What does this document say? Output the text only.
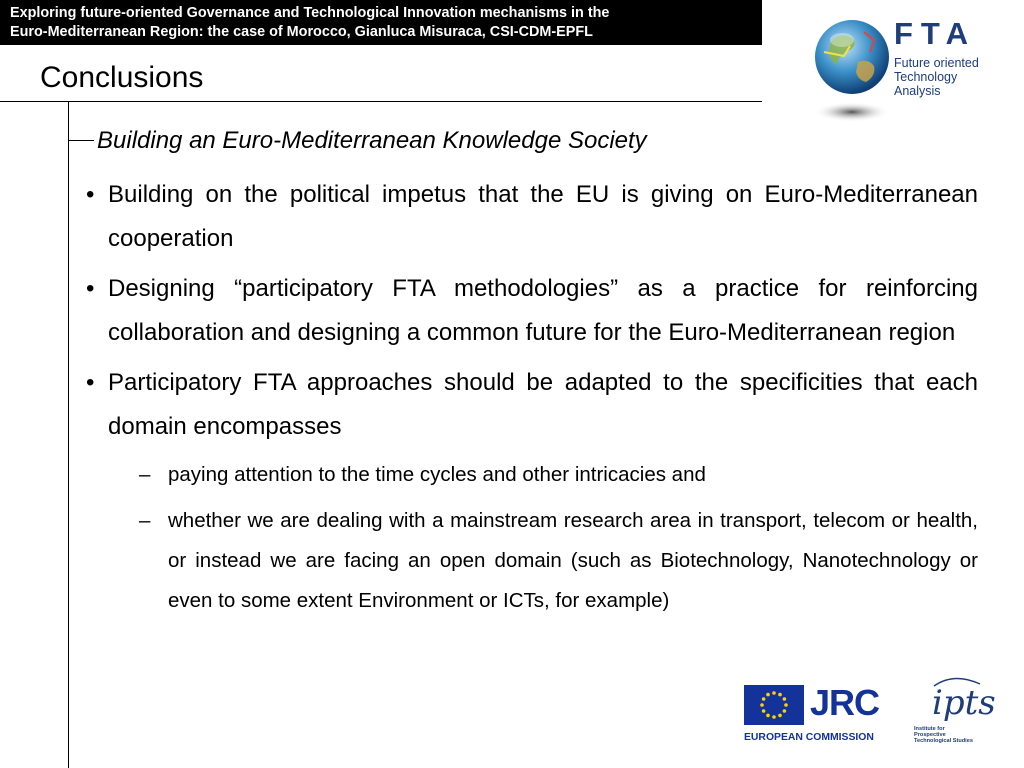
Exploring future-oriented Governance and Technological Innovation mechanisms in the
Euro-Mediterranean Region: the case of Morocco, Gianluca Misuraca, CSI-CDM-EPFL
Conclusions
Building an Euro-Mediterranean Knowledge Society
• Building on the political impetus that the EU is giving on Euro-Mediterranean cooperation
• Designing “participatory FTA methodologies” as a practice for reinforcing collaboration and designing a common future for the Euro-Mediterranean region
• Participatory FTA approaches should be adapted to the specificities that each domain encompasses
– paying attention to the time cycles and other intricacies and
– whether we are dealing with a mainstream research area in transport, telecom or health, or instead we are facing an open domain (such as Biotechnology, Nanotechnology or even to some extent Environment or ICTs, for example)
FTA
Future oriented
Technology
Analysis
JRC
EUROPEAN COMMISSION
ipts
Institute for
Prospective
Technological Studies
